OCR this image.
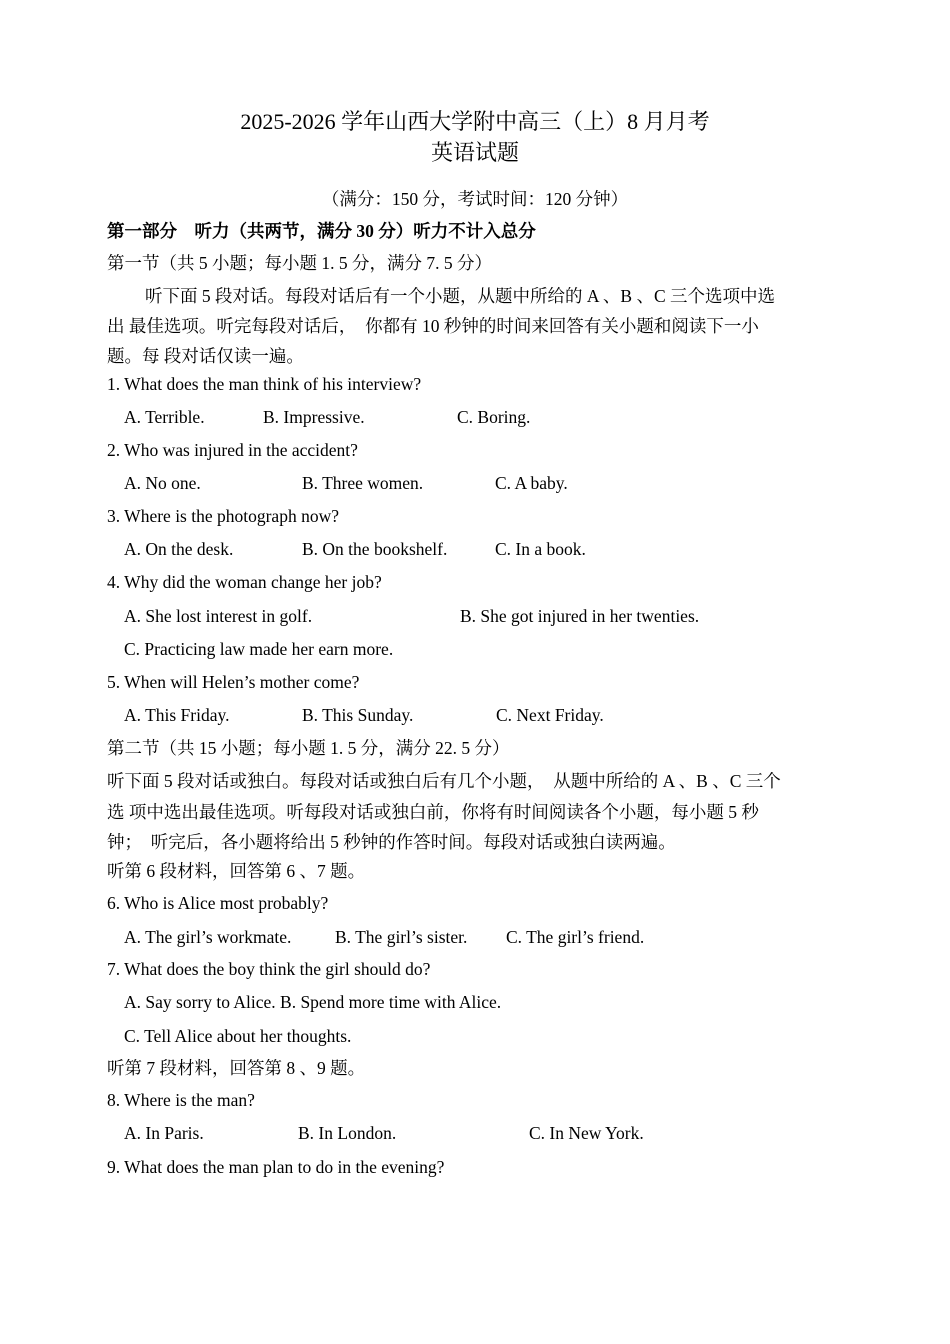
2025-2026 学年山西大学附中高三（上）8 月月考
英语试题
（满分：150 分，考试时间：120 分钟）
第一部分　听力（共两节，满分 30 分）听力不计入总分
第一节（共 5 小题；每小题 1. 5 分，满分 7. 5 分）
听下面 5 段对话。每段对话后有一个小题，从题中所给的 A 、B 、C 三个选项中选
出 最佳选项。听完每段对话后，　你都有 10 秒钟的时间来回答有关小题和阅读下一小
题。每 段对话仅读一遍。
1. What does the man think of his interview?
A. Terrible.	B. Impressive.	C. Boring.
2. Who was injured in the accident?
A. No one.	B. Three women.	C. A baby.
3. Where is the photograph now?
A. On the desk.	B. On the bookshelf.	C. In a book.
4. Why did the woman change her job?
A. She lost interest in golf.	B. She got injured in her twenties.
C. Practicing law made her earn more.
5. When will Helen’s mother come?
A. This Friday.	B. This Sunday.	C. Next Friday.
第二节（共 15 小题；每小题 1. 5 分，满分 22. 5 分）
听下面 5 段对话或独白。每段对话或独白后有几个小题，　从题中所给的 A 、B 、C 三个
选 项中选出最佳选项。听每段对话或独白前，你将有时间阅读各个小题，每小题 5 秒
钟；　听完后，各小题将给出 5 秒钟的作答时间。每段对话或独白读两遍。
听第 6 段材料，回答第 6 、7 题。
6. Who is Alice most probably?
A. The girl’s workmate. B. The girl’s sister. C. The girl’s friend.
7. What does the boy think the girl should do?
A. Say sorry to Alice. B. Spend more time with Alice.
C. Tell Alice about her thoughts.
听第 7 段材料，回答第 8 、9 题。
8. Where is the man?
A. In Paris.	B. In London.	C. In New York.
9. What does the man plan to do in the evening?
